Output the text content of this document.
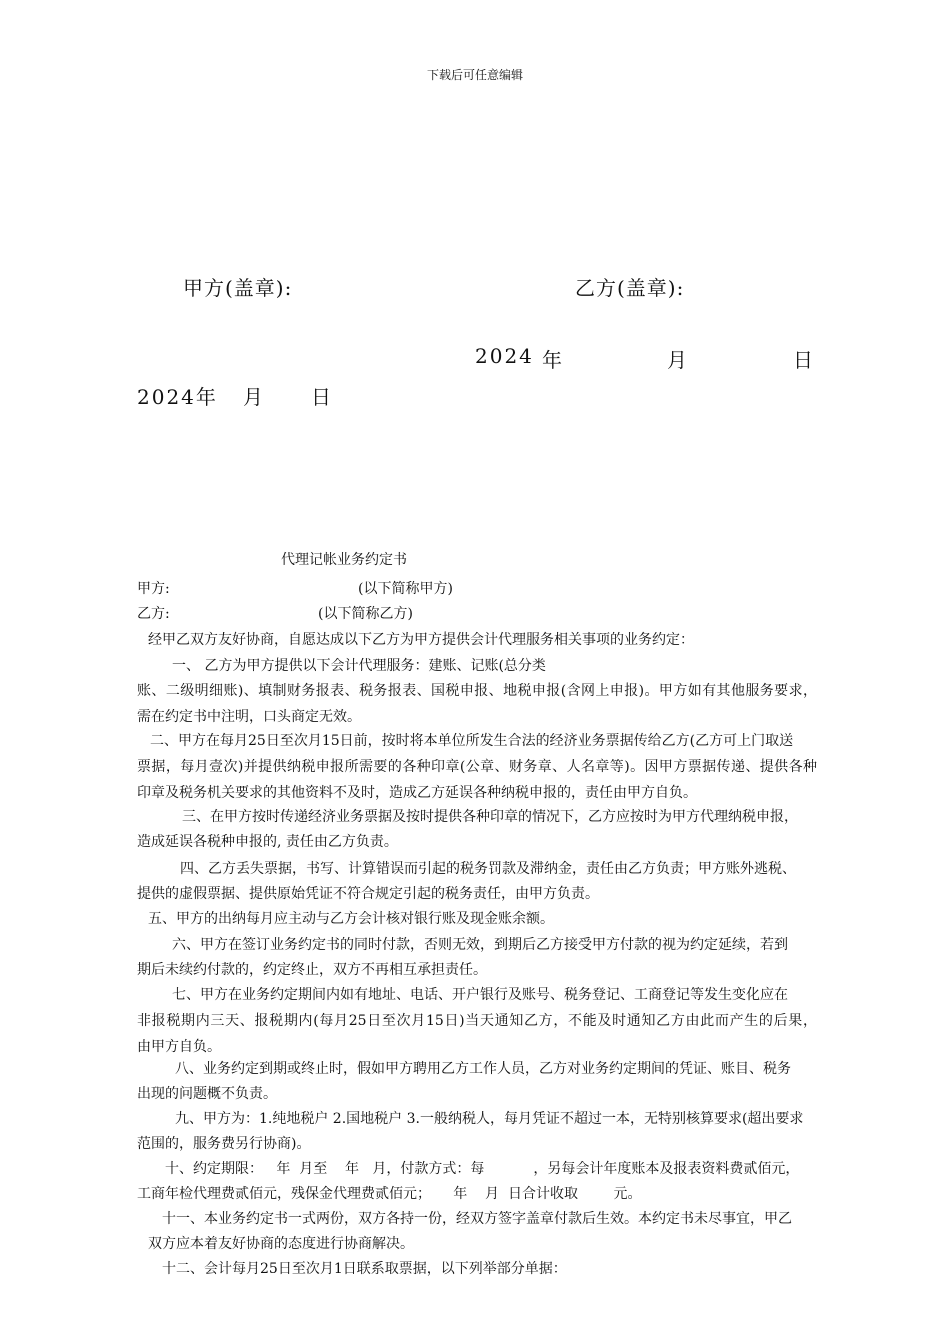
下载后可任意编辑
甲方(盖章):	乙方(盖章):
2024 年	月	日
2024年 月 日
代理记帐业务约定书
甲方:	(以下简称甲方)
乙方:	(以下简称乙方)
经甲乙双方友好协商，自愿达成以下乙方为甲方提供会计代理服务相关事项的业务约定：
一、 乙方为甲方提供以下会计代理服务：建账、记账(总分类

账、二级明细账)、填制财务报表、税务报表、国税申报、地税申报(含网上申报)。甲方如有其他服务要求，

需在约定书中注明，口头商定无效。

二、甲方在每月25日至次月15日前，按时将本单位所发生合法的经济业务票据传给乙方(乙方可上门取送

票据，每月壹次)并提供纳税申报所需要的各种印章(公章、财务章、人名章等)。因甲方票据传递、提供各种

印章及税务机关要求的其他资料不及时，造成乙方延误各种纳税申报的，责任由甲方自负。

三、在甲方按时传递经济业务票据及按时提供各种印章的情况下，乙方应按时为甲方代理纳税申报，
造成延误各税种申报的, 责任由乙方负责。
四、乙方丢失票据，书写、计算错误而引起的税务罚款及滞纳金，责任由乙方负责；甲方账外逃税、
提供的虚假票据、提供原始凭证不符合规定引起的税务责任，由甲方负责。
五、甲方的出纳每月应主动与乙方会计核对银行账及现金账余额。
六、甲方在签订业务约定书的同时付款，否则无效，到期后乙方接受甲方付款的视为约定延续，若到
期后未续约付款的，约定终止，双方不再相互承担责任。
七、甲方在业务约定期间内如有地址、电话、开户银行及账号、税务登记、工商登记等发生变化应在

非报税期内三天、报税期内(每月25日至次月15日)当天通知乙方，不能及时通知乙方由此而产生的后果，

由甲方自负。

八、业务约定到期或终止时，假如甲方聘用乙方工作人员，乙方对业务约定期间的凭证、账目、税务
出现的问题概不负责。
九、甲方为：1.纯地税户 2.国地税户 3.一般纳税人，每月凭证不超过一本，无特别核算要求(超出要求
范围的，服务费另行协商)。
十、约定期限：   年  月至    年   月，付款方式：每           ，另每会计年度账本及报表资料费贰佰元，
工商年检代理费贰佰元，残保金代理费贰佰元；     年    月  日合计收取        元。
十一、本业务约定书一式两份，双方各持一份，经双方签字盖章付款后生效。本约定书未尽事宜，甲乙
双方应本着友好协商的态度进行协商解决。
十二、会计每月25日至次月1日联系取票据，以下列举部分单据：
